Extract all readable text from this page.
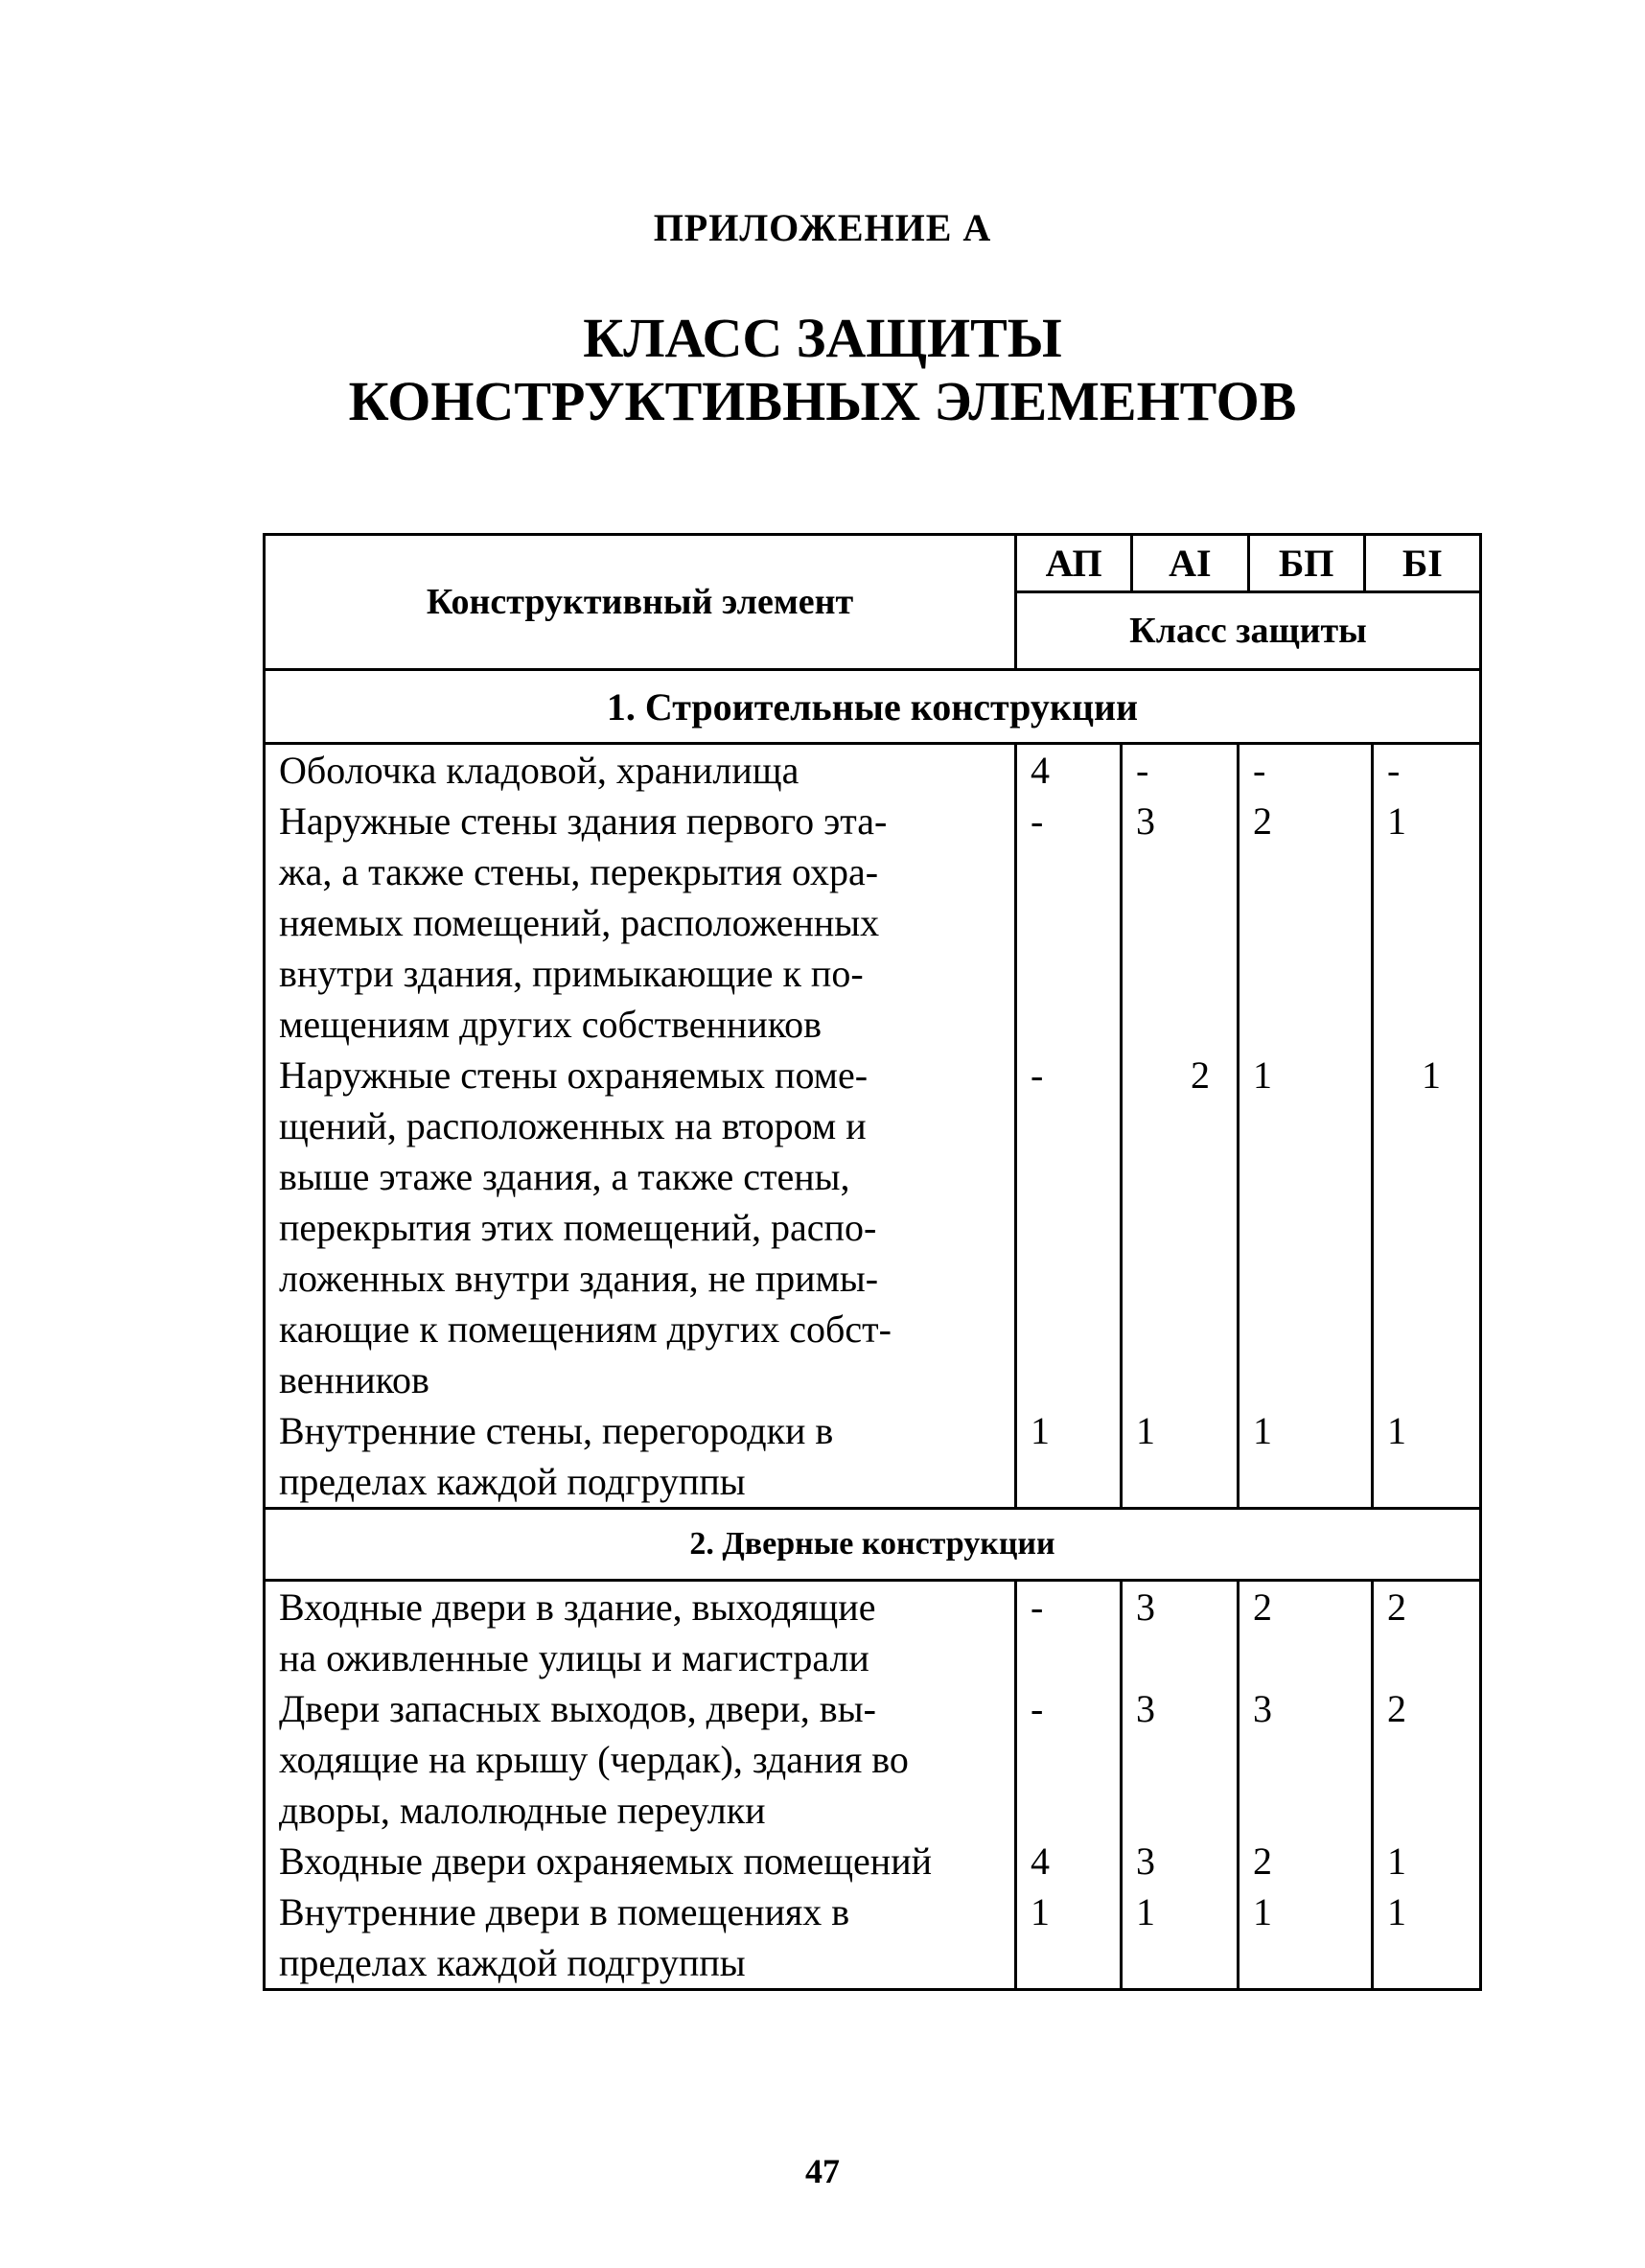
ПРИЛОЖЕНИЕ А
КЛАСС ЗАЩИТЫ
КОНСТРУКТИВНЫХ ЭЛЕМЕНТОВ
Конструктивный элемент
АП	АI	БП	БI
Класс защиты
1. Строительные конструкции
Оболочка кладовой, хранилища	4	-	-	-
Наружные стены здания первого эта-
жа, а также стены, перекрытия охра-
няемых помещений, расположенных
внутри здания, примыкающие к по-
мещениям других собственников
-	3	2	1
Наружные стены охраняемых поме-
щений, расположенных на втором и
выше этаже здания, а также стены,
перекрытия этих помещений, распо-
ложенных внутри здания, не примы-
кающие к помещениям других собст-
венников
-	2	1	1
Внутренние стены, перегородки в
пределах каждой подгруппы
1	1	1	1
2. Дверные конструкции
Входные двери в здание, выходящие
на оживленные улицы и магистрали
-	3	2	2
Двери запасных выходов, двери, вы-
ходящие на крышу (чердак), здания во
дворы, малолюдные переулки
-	3	3	2
Входные двери охраняемых помещений	4	3	2	1
Внутренние двери в помещениях в
пределах каждой подгруппы
1	1	1	1
47
